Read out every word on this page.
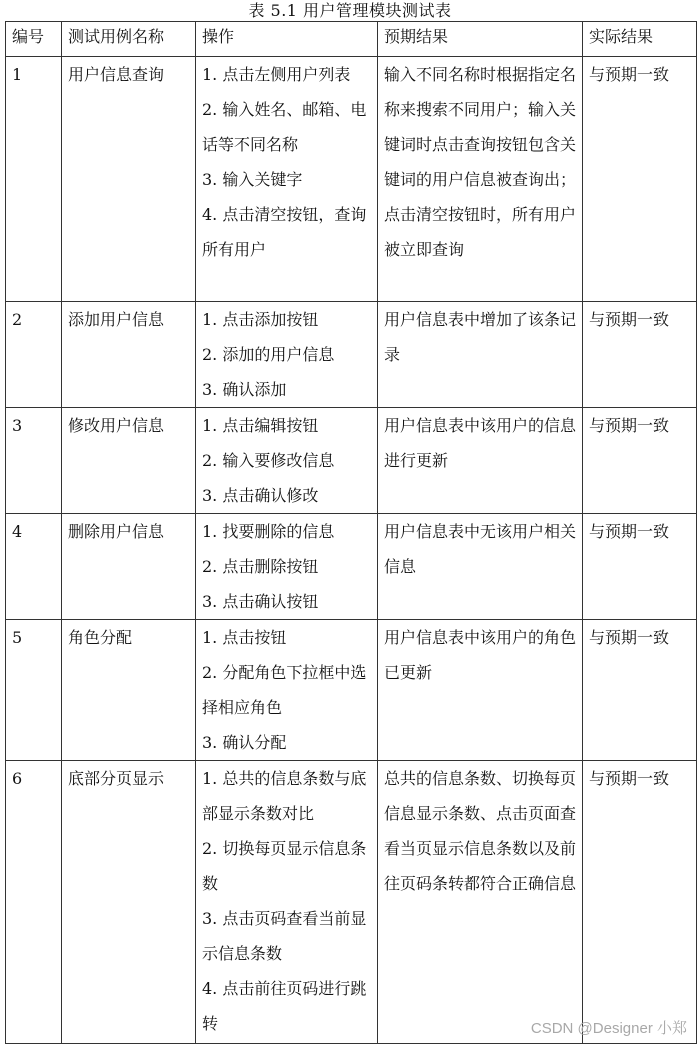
表 5.1 用户管理模块测试表
编号	测试用例名称	操作	预期结果	实际结果
1	用户信息查询	1. 点击左侧用户列表
2. 输入姓名、邮箱、电话等不同名称
3. 输入关键字
4. 点击清空按钮，查询所有用户	输入不同名称时根据指定名称来搜索不同用户；输入关键词时点击查询按钮包含关键词的用户信息被查询出；点击清空按钮时，所有用户被立即查询	与预期一致
2	添加用户信息	1. 点击添加按钮
2. 添加的用户信息
3. 确认添加	用户信息表中增加了该条记录	与预期一致
3	修改用户信息	1. 点击编辑按钮
2. 输入要修改信息
3. 点击确认修改	用户信息表中该用户的信息进行更新	与预期一致
4	删除用户信息	1. 找要删除的信息
2. 点击删除按钮
3. 点击确认按钮	用户信息表中无该用户相关信息	与预期一致
5	角色分配	1. 点击按钮
2. 分配角色下拉框中选择相应角色
3. 确认分配	用户信息表中该用户的角色已更新	与预期一致
6	底部分页显示	1. 总共的信息条数与底部显示条数对比
2. 切换每页显示信息条数
3. 点击页码查看当前显示信息条数
4. 点击前往页码进行跳转	总共的信息条数、切换每页信息显示条数、点击页面查看当页显示信息条数以及前往页码条转都符合正确信息	与预期一致
CSDN @Designer 小郑
